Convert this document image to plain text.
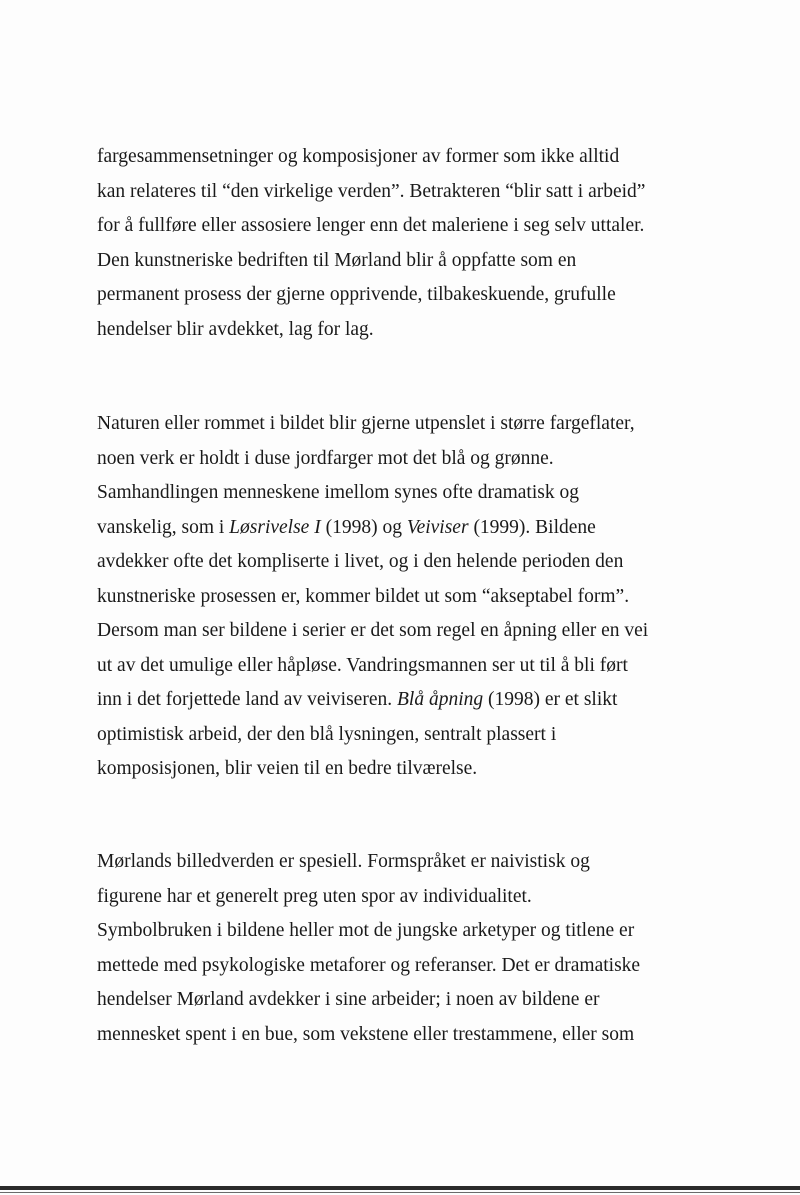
fargesammensetninger og komposisjoner av former som ikke alltid
kan relateres til “den virkelige verden”. Betrakteren “blir satt i arbeid”
for å fullføre eller assosiere lenger enn det maleriene i seg selv uttaler.
Den kunstneriske bedriften til Mørland blir å oppfatte som en
permanent prosess der gjerne opprivende, tilbakeskuende, grufulle
hendelser blir avdekket, lag for lag.
Naturen eller rommet i bildet blir gjerne utpenslet i større fargeflater,
noen verk er holdt i duse jordfarger mot det blå og grønne.
Samhandlingen menneskene imellom synes ofte dramatisk og
vanskelig, som i Løsrivelse I (1998) og Veiviser (1999). Bildene
avdekker ofte det kompliserte i livet, og i den helende perioden den
kunstneriske prosessen er, kommer bildet ut som “akseptabel form”.
Dersom man ser bildene i serier er det som regel en åpning eller en vei
ut av det umulige eller håpløse. Vandringsmannen ser ut til å bli ført
inn i det forjettede land av veiviseren. Blå åpning (1998) er et slikt
optimistisk arbeid, der den blå lysningen, sentralt plassert i
komposisjonen, blir veien til en bedre tilværelse.
Mørlands billedverden er spesiell. Formspråket er naivistisk og
figurene har et generelt preg uten spor av individualitet.
Symbolbruken i bildene heller mot de jungske arketyper og titlene er
mettede med psykologiske metaforer og referanser. Det er dramatiske
hendelser Mørland avdekker i sine arbeider; i noen av bildene er
mennesket spent i en bue, som vekstene eller trestammene, eller som
